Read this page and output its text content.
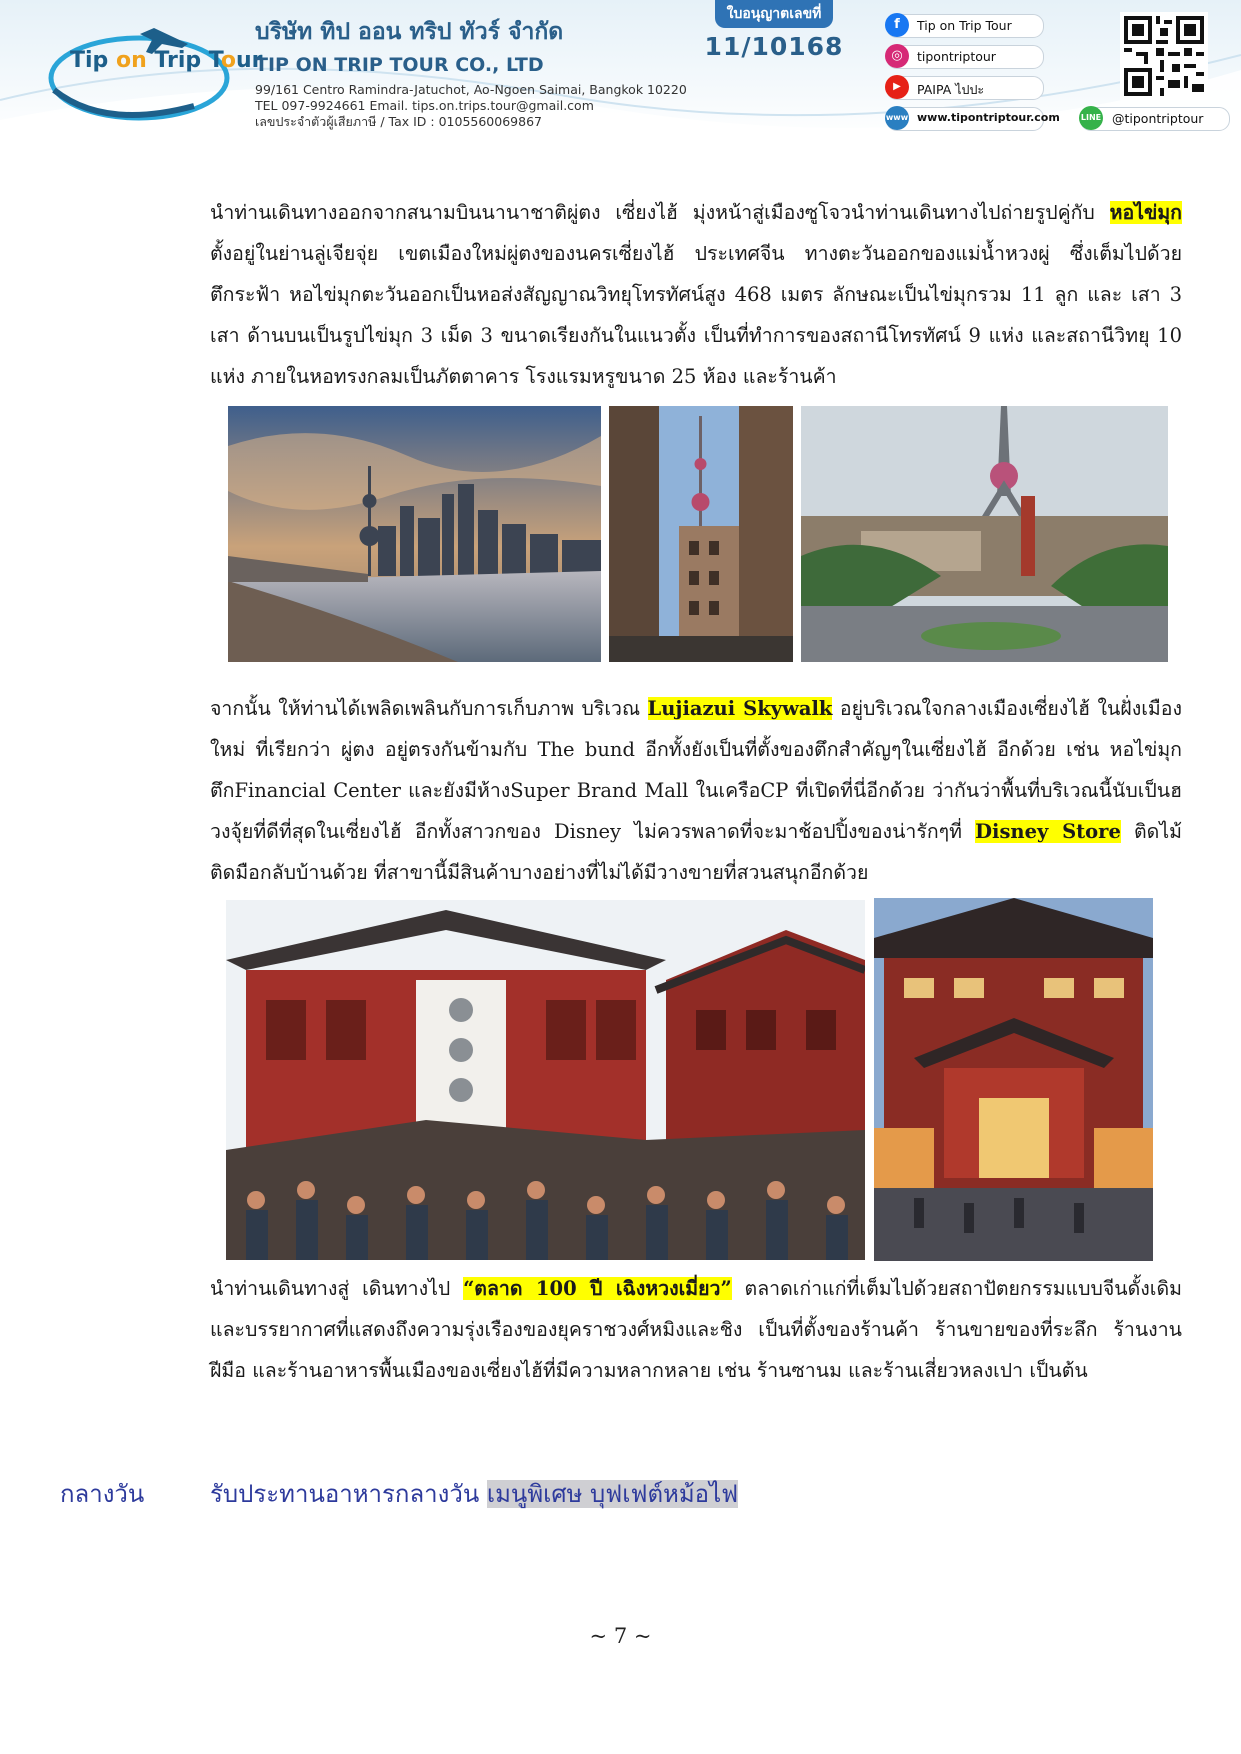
Tip on Trip Tour
บริษัท ทิป ออน ทริป ทัวร์ จำกัด
TIP ON TRIP TOUR CO., LTD
99/161 Centro Ramindra-Jatuchot, Ao-Ngoen Saimai, Bangkok 10220
TEL 097-9924661 Email. tips.on.trips.tour@gmail.com
เลขประจำตัวผู้เสียภาษี / Tax ID : 0105560069867
ใบอนุญาตเลขที่
11/10168
f	Tip on Trip Tour
◎	tipontriptour
▶	PAIPA ไปปะ
www www.tipontriptour.com	LINE @tipontriptour
นำท่านเดินทางออกจากสนามบินนานาชาติผู่ตง เซี่ยงไฮ้ มุ่งหน้าสู่เมืองซูโจวนำท่านเดินทางไปถ่ายรูปคู่กับ หอไข่มุก ตั้งอยู่ในย่านลู่เจียจุ่ย เขตเมืองใหม่ผู่ตงของนครเซี่ยงไฮ้ ประเทศจีน ทางตะวันออกของแม่น้ำหวงผู่ ซึ่งเต็มไปด้วยตึกระฟ้า หอไข่มุกตะวันออกเป็นหอส่งสัญญาณวิทยุโทรทัศน์สูง 468 เมตร ลักษณะเป็นไข่มุกรวม 11 ลูก และ เสา 3 เสา ด้านบนเป็นรูปไข่มุก 3 เม็ด 3 ขนาดเรียงกันในแนวตั้ง เป็นที่ทำการของสถานีโทรทัศน์ 9 แห่ง และสถานีวิทยุ 10 แห่ง ภายในหอทรงกลมเป็นภัตตาคาร โรงแรมหรูขนาด 25 ห้อง และร้านค้า
จากนั้น ให้ท่านได้เพลิดเพลินกับการเก็บภาพ บริเวณ Lujiazui Skywalk อยู่บริเวณใจกลางเมืองเซี่ยงไฮ้ ในฝั่งเมืองใหม่ ที่เรียกว่า ผู่ตง อยู่ตรงกันข้ามกับ The bund อีกทั้งยังเป็นที่ตั้งของตึกสำคัญๆในเซี่ยงไฮ้ อีกด้วย เช่น หอไข่มุก ตึกFinancial Center และยังมีห้างSuper Brand Mall ในเครือCP ที่เปิดที่นี่อีกด้วย ว่ากันว่าพื้นที่บริเวณนี้นับเป็นฮวงจุ้ยที่ดีที่สุดในเซี่ยงไฮ้ อีกทั้งสาวกของ Disney ไม่ควรพลาดที่จะมาช้อปปิ้งของน่ารักๆที่ Disney Store ติดไม้ติดมือกลับบ้านด้วย ที่สาขานี้มีสินค้าบางอย่างที่ไม่ได้มีวางขายที่สวนสนุกอีกด้วย
นำท่านเดินทางสู่ เดินทางไป “ตลาด 100 ปี เฉิงหวงเมี่ยว” ตลาดเก่าแก่ที่เต็มไปด้วยสถาปัตยกรรมแบบจีนดั้งเดิม และบรรยากาศที่แสดงถึงความรุ่งเรืองของยุคราชวงศ์หมิงและชิง เป็นที่ตั้งของร้านค้า ร้านขายของที่ระลึก ร้านงานฝีมือ และร้านอาหารพื้นเมืองของเซี่ยงไฮ้ที่มีความหลากหลาย เช่น ร้านซานม และร้านเสี่ยวหลงเปา เป็นต้น
กลางวัน	รับประทานอาหารกลางวัน เมนูพิเศษ บุฟเฟต์หม้อไฟ
~ 7 ~
